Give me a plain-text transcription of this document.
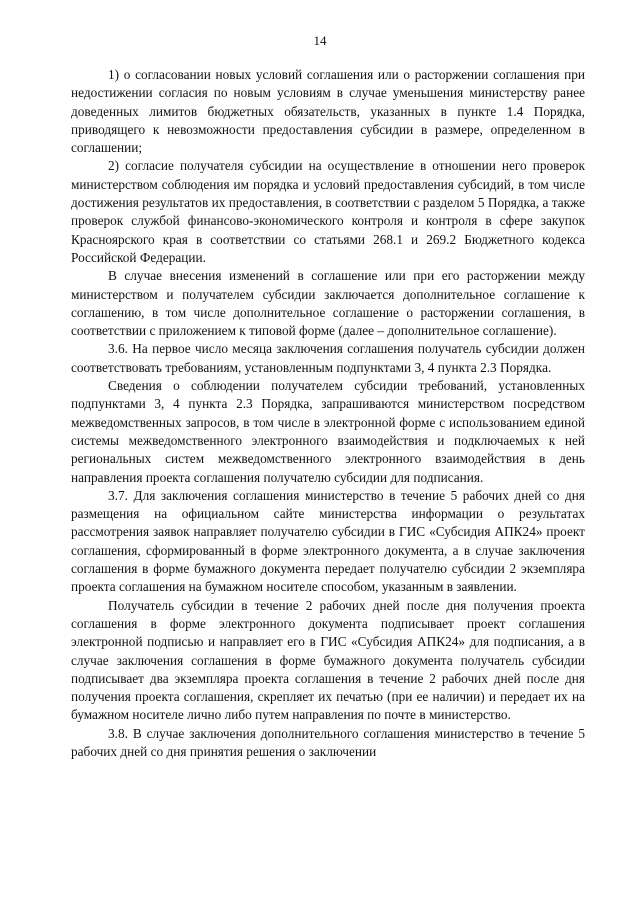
14

1) о согласовании новых условий соглашения или о расторжении соглашения при недостижении согласия по новым условиям в случае уменьшения министерству ранее доведенных лимитов бюджетных обязательств, указанных в пункте 1.4 Порядка, приводящего к невозможности предоставления субсидии в размере, определенном в соглашении;

2) согласие получателя субсидии на осуществление в отношении него проверок министерством соблюдения им порядка и условий предоставления субсидий, в том числе достижения результатов их предоставления, в соответствии с разделом 5 Порядка, а также проверок службой финансово-экономического контроля и контроля в сфере закупок Красноярского края в соответствии со статьями 268.1 и 269.2 Бюджетного кодекса Российской Федерации.

В случае внесения изменений в соглашение или при его расторжении между министерством и получателем субсидии заключается дополнительное соглашение к соглашению, в том числе дополнительное соглашение о расторжении соглашения, в соответствии с приложением к типовой форме (далее – дополнительное соглашение).

3.6. На первое число месяца заключения соглашения получатель субсидии должен соответствовать требованиям, установленным подпунктами 3, 4 пункта 2.3 Порядка.

Сведения о соблюдении получателем субсидии требований, установленных подпунктами 3, 4 пункта 2.3 Порядка, запрашиваются министерством посредством межведомственных запросов, в том числе в электронной форме с использованием единой системы межведомственного электронного взаимодействия и подключаемых к ней региональных систем межведомственного электронного взаимодействия в день направления проекта соглашения получателю субсидии для подписания.

3.7. Для заключения соглашения министерство в течение 5 рабочих дней со дня размещения на официальном сайте министерства информации о результатах рассмотрения заявок направляет получателю субсидии в ГИС «Субсидия АПК24» проект соглашения, сформированный в форме электронного документа, а в случае заключения соглашения в форме бумажного документа передает получателю субсидии 2 экземпляра проекта соглашения на бумажном носителе способом, указанным в заявлении.

Получатель субсидии в течение 2 рабочих дней после дня получения проекта соглашения в форме электронного документа подписывает проект соглашения электронной подписью и направляет его в ГИС «Субсидия АПК24» для подписания, а в случае заключения соглашения в форме бумажного документа получатель субсидии подписывает два экземпляра проекта соглашения в течение 2 рабочих дней после дня получения проекта соглашения, скрепляет их печатью (при ее наличии) и передает их на бумажном носителе лично либо путем направления по почте в министерство.

3.8. В случае заключения дополнительного соглашения министерство в течение 5 рабочих дней со дня принятия решения о заключении
